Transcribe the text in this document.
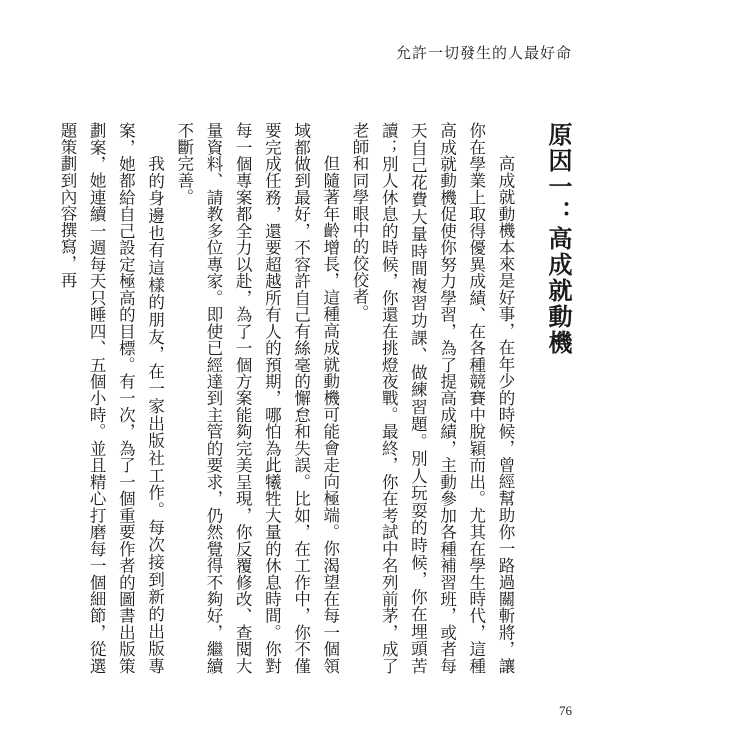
允許一切發生的人最好命
原因一：高成就動機

高成就動機本來是好事，在年少的時候，曾經幫助你一路過關斬將，讓你在學業上取得優異成績、在各種競賽中脫穎而出。尤其在學生時代，這種高成就動機促使你努力學習，為了提高成績，主動參加各種補習班，或者每天自己花費大量時間複習功課、做練習題。別人玩耍的時候，你在埋頭苦讀；別人休息的時候，你還在挑燈夜戰。最終，你在考試中名列前茅，成了老師和同學眼中的佼佼者。

但隨著年齡增長，這種高成就動機可能會走向極端。你渴望在每一個領域都做到最好，不容許自己有絲毫的懈怠和失誤。比如，在工作中，你不僅要完成任務，還要超越所有人的預期，哪怕為此犧牲大量的休息時間。你對每一個專案都全力以赴，為了一個方案能夠完美呈現，你反覆修改、查閱大量資料、請教多位專家。即使已經達到主管的要求，仍然覺得不夠好，繼續不斷完善。

我的身邊也有這樣的朋友，在一家出版社工作。每次接到新的出版專案，她都給自己設定極高的目標。有一次，為了一個重要作者的圖書出版策劃案，她連續一週每天只睡四、五個小時。並且精心打磨每一個細節，從選題策劃到內容撰寫，再

76
